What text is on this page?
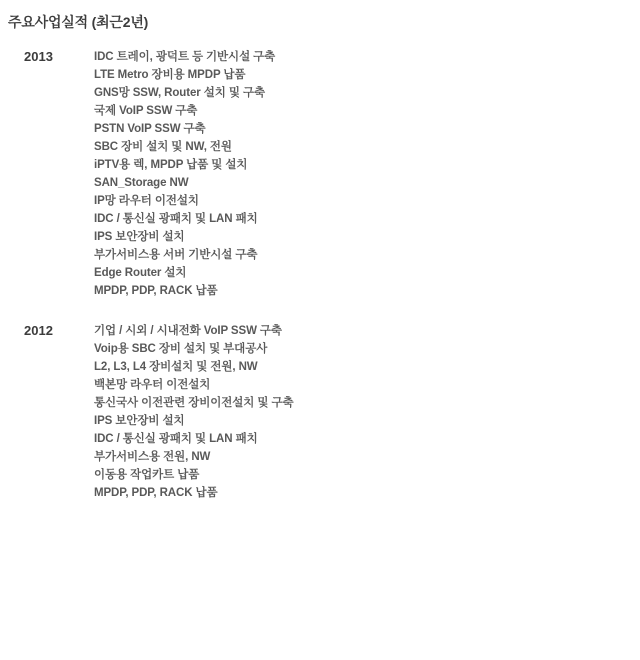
주요사업실적 (최근2년)
2013	IDC 트레이, 광덕트 등 기반시설 구축
LTE Metro 장비용 MPDP 납품
GNS망 SSW, Router 설치 및 구축
국제 VoIP SSW 구축
PSTN VoIP SSW 구축
SBC 장비 설치 및 NW, 전원
iPTV용 렉, MPDP 납품 및 설치
SAN_Storage NW
IP망 라우터 이전설치
IDC / 통신실 광패치 및 LAN 패치
IPS 보안장비 설치
부가서비스용 서버 기반시설 구축
Edge Router 설치
MPDP, PDP, RACK 납품
2012	기업 / 시외 / 시내전화 VoIP SSW 구축
Voip용 SBC 장비 설치 및 부대공사
L2, L3, L4 장비설치 및 전원, NW
백본망 라우터 이전설치
통신국사 이전관련 장비이전설치 및 구축
IPS 보안장비 설치
IDC / 통신실 광패치 및 LAN 패치
부가서비스용 전원, NW
이동용 작업카트 납품
MPDP, PDP, RACK 납품
